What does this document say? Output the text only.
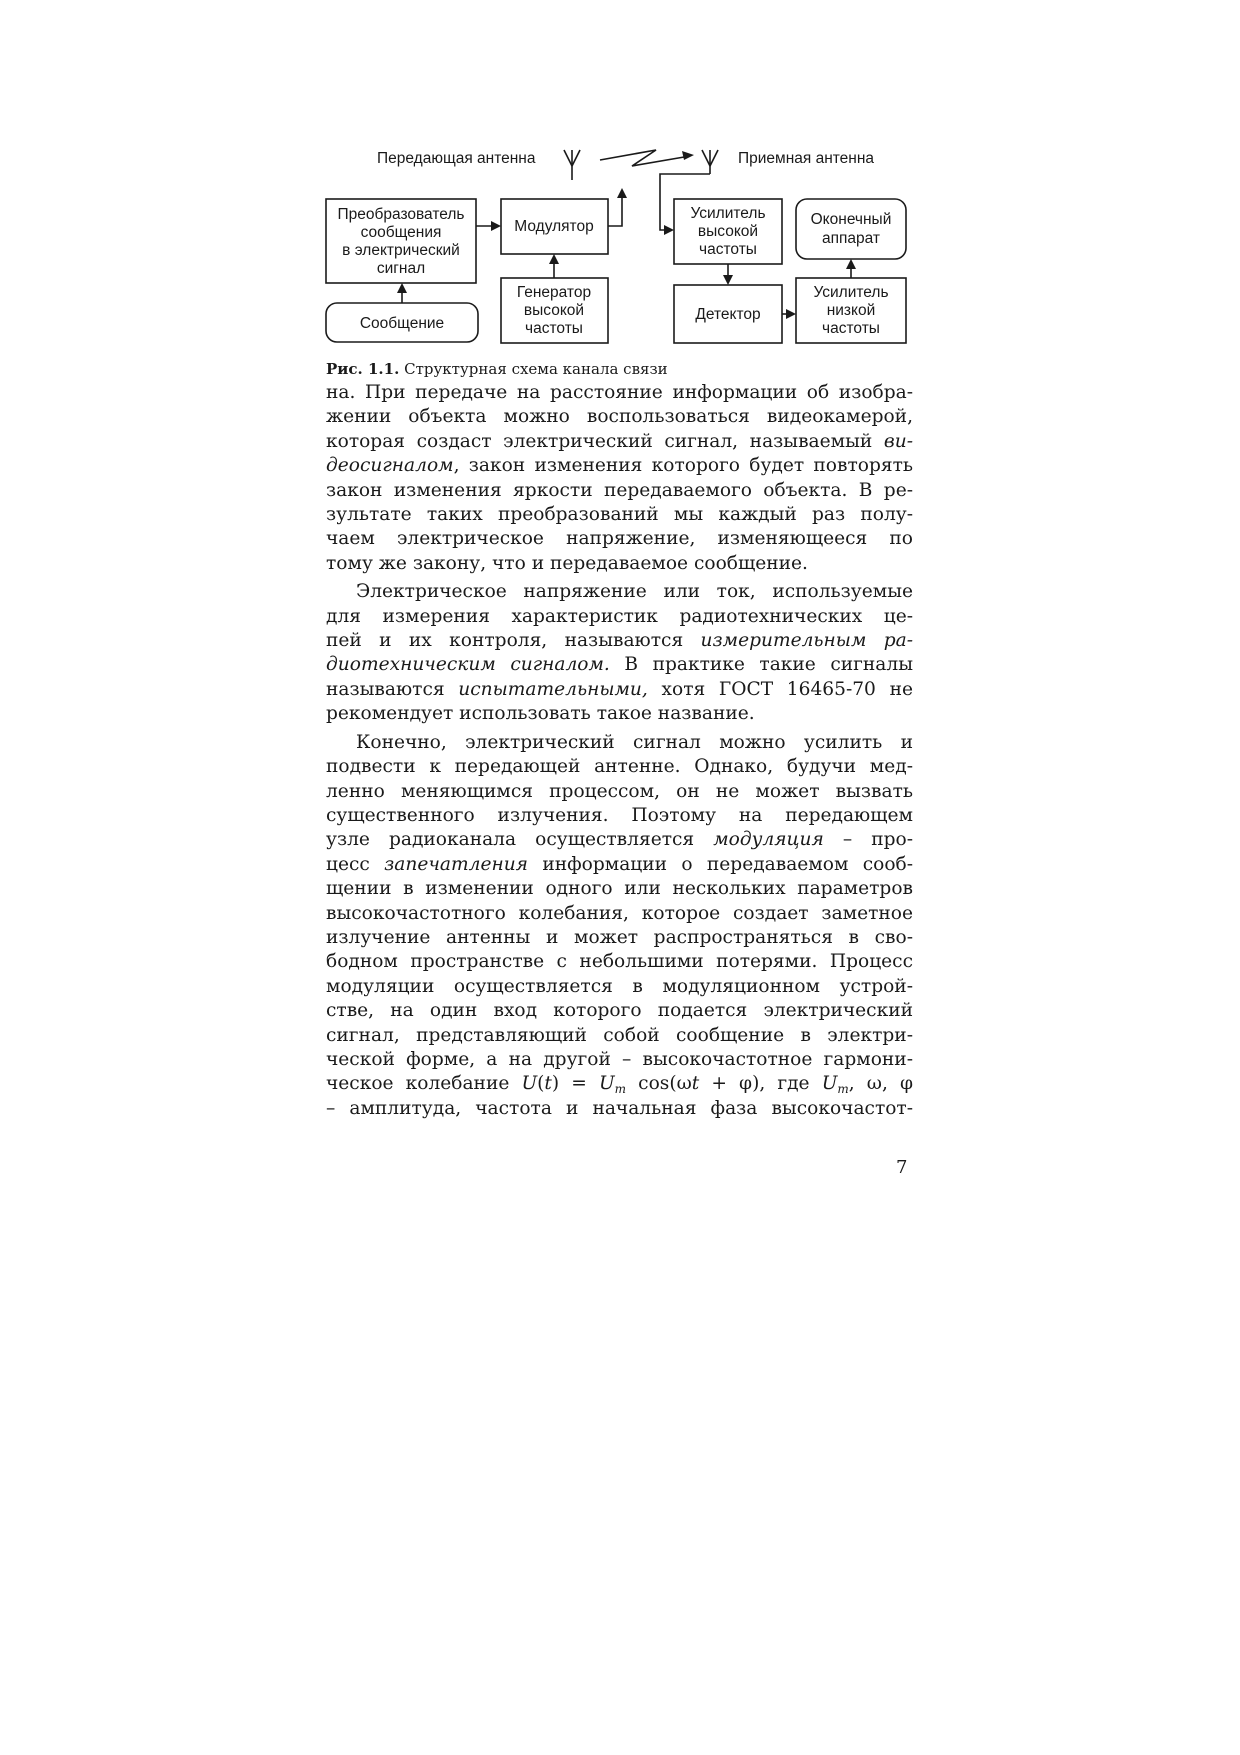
Передающая антенна	Приемная антенна
Преобразователь
сообщения
в электрический
сигнал
Модулятор
Сообщение
Генератор
высокой
частоты
Усилитель
высокой
частоты
Оконечный
аппарат
Детектор
Усилитель
низкой
частоты

Рис. 1.1. Структурная схема канала связи

на. При передаче на расстояние информации об изобра-
жении объекта можно воспользоваться видеокамерой,
которая создаст электрический сигнал, называемый ви-
деосигналом, закон изменения которого будет повторять
закон изменения яркости передаваемого объекта. В ре-
зультате таких преобразований мы каждый раз полу-
чаем электрическое напряжение, изменяющееся по
тому же закону, что и передаваемое сообщение.

Электрическое напряжение или ток, используемые
для измерения характеристик радиотехнических це-
пей и их контроля, называются измерительным ра-
диотехническим сигналом. В практике такие сигналы
называются испытательными, хотя ГОСТ 16465-70 не
рекомендует использовать такое название.

Конечно, электрический сигнал можно усилить и
подвести к передающей антенне. Однако, будучи мед-
ленно меняющимся процессом, он не может вызвать
существенного излучения. Поэтому на передающем
узле радиоканала осуществляется модуляция – про-
цесс запечатления информации о передаваемом сооб-
щении в изменении одного или нескольких параметров
высокочастотного колебания, которое создает заметное
излучение антенны и может распространяться в сво-
бодном пространстве с небольшими потерями. Процесс
модуляции осуществляется в модуляционном устрой-
стве, на один вход которого подается электрический
сигнал, представляющий собой сообщение в электри-
ческой форме, а на другой – высокочастотное гармони-
ческое колебание $U(t) = U_m$ cos(ωt + φ), где $U_m$, ω, φ
– амплитуда, частота и начальная фаза высокочастот-

7
